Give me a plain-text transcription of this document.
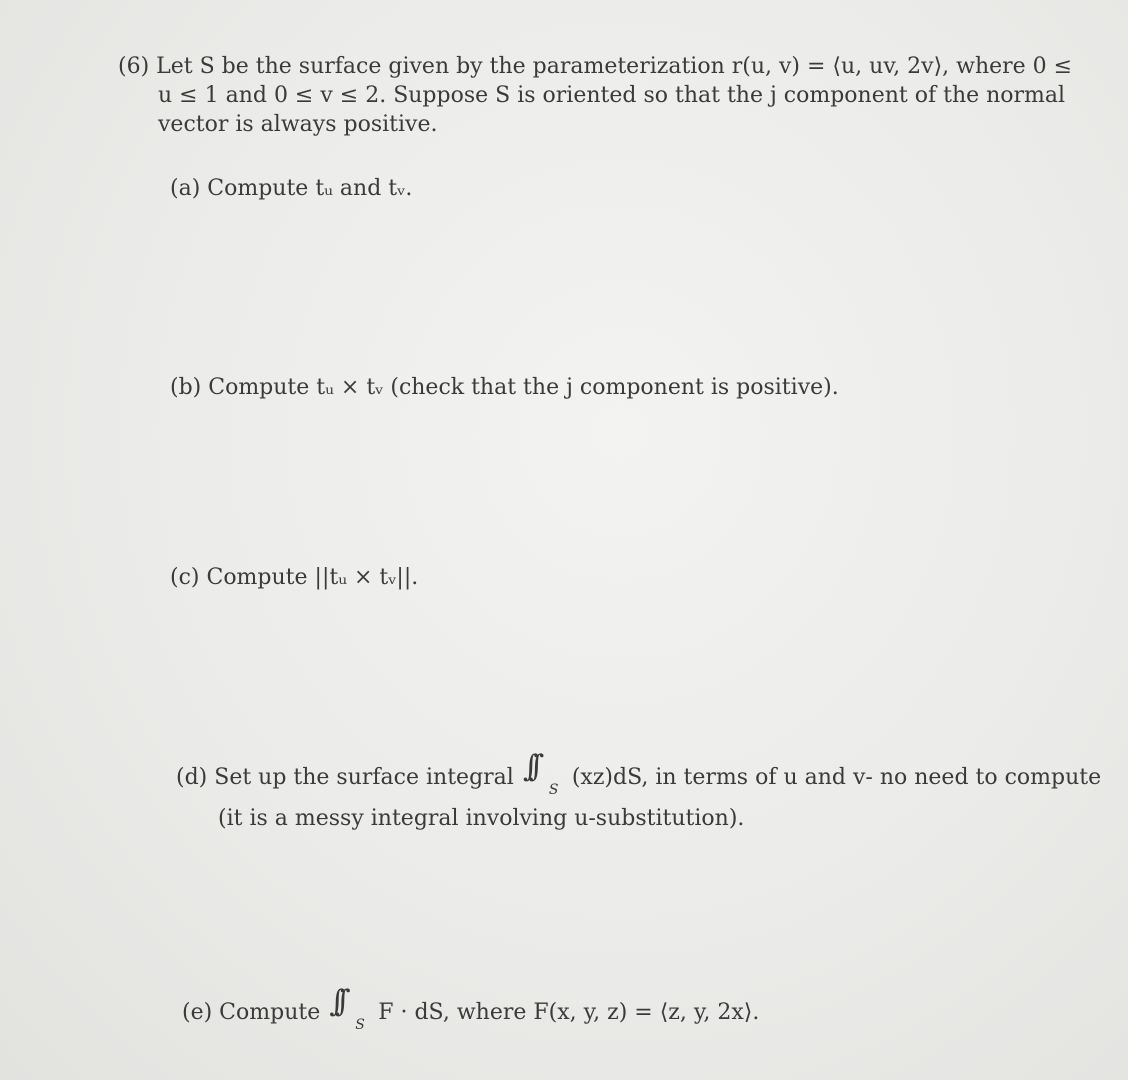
(6) Let S be the surface given by the parameterization r(u, v) = ⟨u, uv, 2v⟩, where 0 ≤
u ≤ 1 and 0 ≤ v ≤ 2. Suppose S is oriented so that the j component of the normal
vector is always positive.
(a) Compute tᵤ and tᵥ.
(b) Compute tᵤ × tᵥ (check that the j component is positive).
(c) Compute ||tᵤ × tᵥ||.
(d) Set up the surface integral ∫∫
S (xz)dS, in terms of u and v- no need to compute
(it is a messy integral involving u-substitution).
(e) Compute ∫∫
S F · dS, where F(x, y, z) = ⟨z, y, 2x⟩.
